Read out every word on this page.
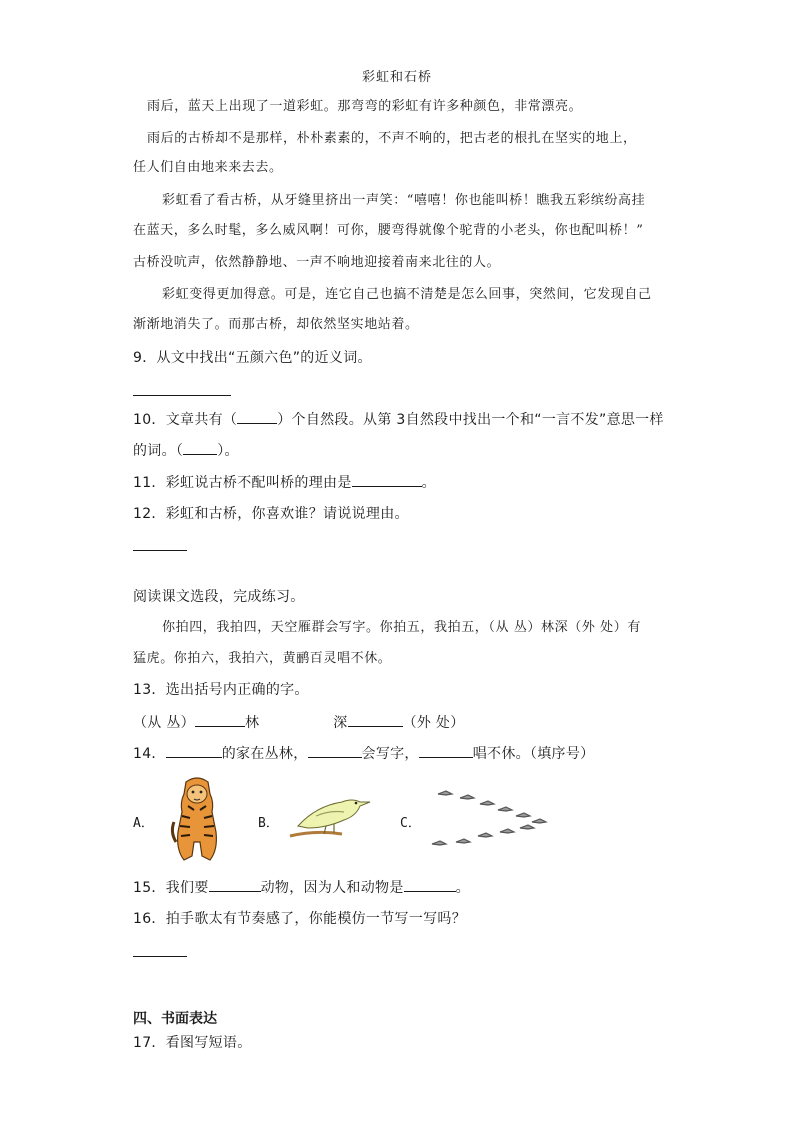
彩虹和石桥
雨后，蓝天上出现了一道彩虹。那弯弯的彩虹有许多种颜色，非常漂亮。
雨后的古桥却不是那样，朴朴素素的，不声不响的，把古老的根扎在坚实的地上，
任人们自由地来来去去。
彩虹看了看古桥，从牙缝里挤出一声笑：“嘻嘻！你也能叫桥！瞧我五彩缤纷高挂
在蓝天，多么时髦，多么威风啊！可你，腰弯得就像个驼背的小老头，你也配叫桥！”
古桥没吭声，依然静静地、一声不响地迎接着南来北往的人。
彩虹变得更加得意。可是，连它自己也搞不清楚是怎么回事，突然间，它发现自己
渐渐地消失了。而那古桥，却依然坚实地站着。
9．从文中找出“五颜六色”的近义词。
10．文章共有（	）个自然段。从第 3自然段中找出一个和“一言不发”意思一样
的词。（ ）。
11．彩虹说古桥不配叫桥的理由是	。
12．彩虹和古桥，你喜欢谁？请说说理由。
阅读课文选段，完成练习。
你拍四，我拍四，天空雁群会写字。你拍五，我拍五，（从 丛）林深（外 处）有
猛虎。你拍六，我拍六，黄鹂百灵唱不休。
13．选出括号内正确的字。
（从 丛）	林	深	（外 处）
14．	的家在丛林，	会写字，	唱不休。（填序号）
A．	B．	C．
15．我们要	动物，因为人和动物是	。
16．拍手歌太有节奏感了，你能模仿一节写一写吗？
四、书面表达
17．看图写短语。
